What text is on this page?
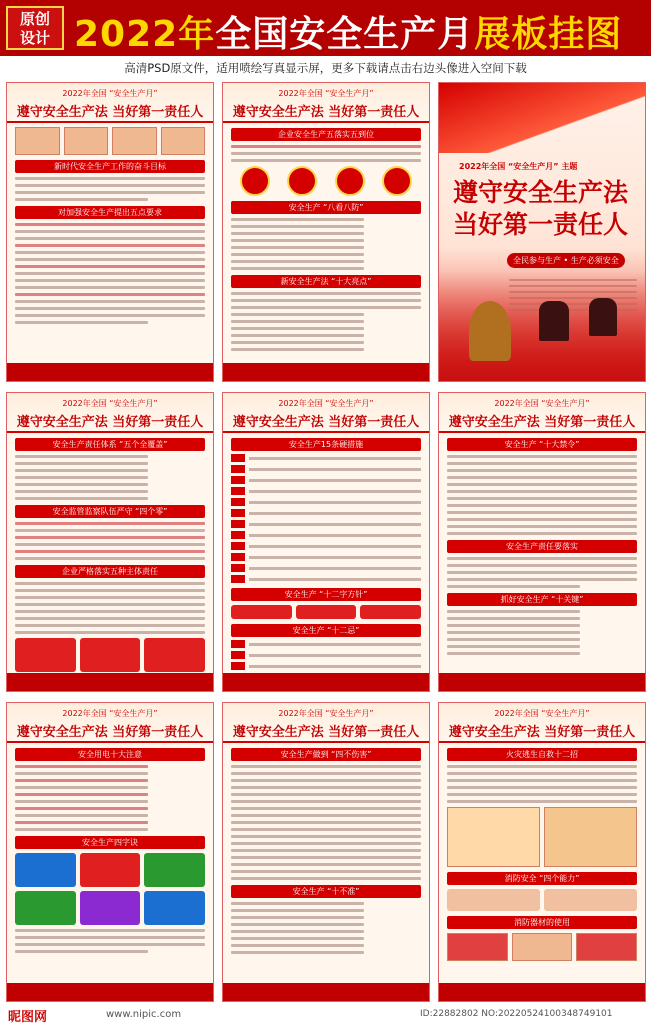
原创
设计 2022年全国安全生产月展板挂图
高清PSD原文件，适用喷绘写真显示屏，更多下载请点击右边头像进入空间下载
2022年全国 “安全生产月”
遵守安全生产法 当好第一责任人
新时代安全生产工作的奋斗目标
对加强安全生产提出五点要求
2022年全国 “安全生产月”
遵守安全生产法 当好第一责任人
企业安全生产五落实五到位
安全生产 “八看八防”
新安全生产法 “十大亮点”
2022年全国 “安全生产月” 主题
遵守安全生产法
当好第一责任人
全民参与生产 • 生产必须安全
2022年全国 “安全生产月”
遵守安全生产法 当好第一责任人
安全生产责任体系 “五个全覆盖”
安全监管监察队伍严守 “四个零”
企业严格落实五种主体责任
2022年全国 “安全生产月”
遵守安全生产法 当好第一责任人
安全生产15条硬措施
安全生产 “十二字方针”
安全生产 “十二忌”
2022年全国 “安全生产月”
遵守安全生产法 当好第一责任人
安全生产 “十大禁令”
安全生产责任要落实
抓好安全生产 “十关键”
2022年全国 “安全生产月”
遵守安全生产法 当好第一责任人
安全用电十大注意
安全生产四字诀
2022年全国 “安全生产月”
遵守安全生产法 当好第一责任人
安全生产做到 “四不伤害”
安全生产 “十不准”
2022年全国 “安全生产月”
遵守安全生产法 当好第一责任人
火灾逃生自救十二招
消防安全 “四个能力”
消防器材的使用
昵图网	www.nipic.com	ID:22882802 NO:20220524100348749101
